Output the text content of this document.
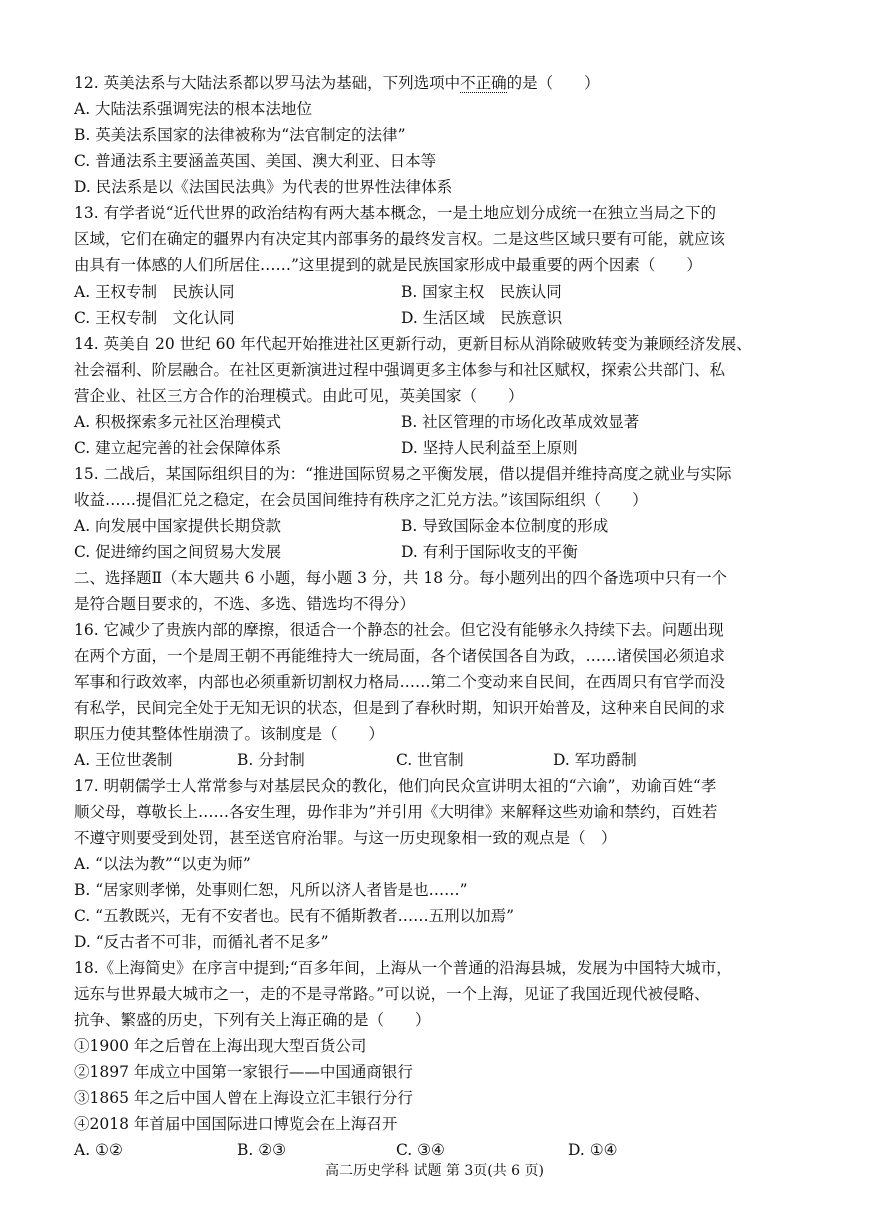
12. 英美法系与大陆法系都以罗马法为基础，下列选项中不正确的是（　　）
A. 大陆法系强调宪法的根本法地位
B. 英美法系国家的法律被称为“法官制定的法律”
C. 普通法系主要涵盖英国、美国、澳大利亚、日本等
D. 民法系是以《法国民法典》为代表的世界性法律体系
13. 有学者说“近代世界的政治结构有两大基本概念，一是土地应划分成统一在独立当局之下的
区域，它们在确定的疆界内有决定其内部事务的最终发言权。二是这些区域只要有可能，就应该
由具有一体感的人们所居住……”这里提到的就是民族国家形成中最重要的两个因素（　　）
A. 王权专制　民族认同	B. 国家主权　民族认同
C. 王权专制　文化认同	D. 生活区域　民族意识
14. 英美自 20 世纪 60 年代起开始推进社区更新行动，更新目标从消除破败转变为兼顾经济发展、
社会福利、阶层融合。在社区更新演进过程中强调更多主体参与和社区赋权，探索公共部门、私
营企业、社区三方合作的治理模式。由此可见，英美国家（　　）
A. 积极探索多元社区治理模式	B. 社区管理的市场化改革成效显著
C. 建立起完善的社会保障体系	D. 坚持人民利益至上原则
15. 二战后，某国际组织目的为：“推进国际贸易之平衡发展，借以提倡并维持高度之就业与实际
收益……提倡汇兑之稳定，在会员国间维持有秩序之汇兑方法。”该国际组织（　　）
A. 向发展中国家提供长期贷款	B. 导致国际金本位制度的形成
C. 促进缔约国之间贸易大发展	D. 有利于国际收支的平衡
二、选择题Ⅱ（本大题共 6 小题，每小题 3 分，共 18 分。每小题列出的四个备选项中只有一个
是符合题目要求的，不选、多选、错选均不得分）
16. 它减少了贵族内部的摩擦，很适合一个静态的社会。但它没有能够永久持续下去。问题出现
在两个方面，一个是周王朝不再能维持大一统局面，各个诸侯国各自为政，……诸侯国必须追求
军事和行政效率，内部也必须重新切割权力格局……第二个变动来自民间，在西周只有官学而没
有私学，民间完全处于无知无识的状态，但是到了春秋时期，知识开始普及，这种来自民间的求
职压力使其整体性崩溃了。该制度是（　　）
A. 王位世袭制	B. 分封制	C. 世官制	D. 军功爵制
17. 明朝儒学士人常常参与对基层民众的教化，他们向民众宣讲明太祖的“六谕”，劝谕百姓“孝
顺父母，尊敬长上……各安生理，毋作非为”并引用《大明律》来解释这些劝谕和禁约，百姓若
不遵守则要受到处罚，甚至送官府治罪。与这一历史现象相一致的观点是（　）
A. “以法为教”“以吏为师”
B. “居家则孝悌，处事则仁恕，凡所以济人者皆是也……”
C. “五教既兴，无有不安者也。民有不循斯教者……五刑以加焉”
D. “反古者不可非，而循礼者不足多”
18.《上海简史》在序言中提到;“百多年间，上海从一个普通的沿海县城，发展为中国特大城市，
远东与世界最大城市之一，走的不是寻常路。”可以说，一个上海，见证了我国近现代被侵略、
抗争、繁盛的历史，下列有关上海正确的是（　　）
①1900 年之后曾在上海出现大型百货公司
②1897 年成立中国第一家银行——中国通商银行
③1865 年之后中国人曾在上海设立汇丰银行分行
④2018 年首届中国国际进口博览会在上海召开
A. ①②	B. ②③	C. ③④	D. ①④
高二历史学科 试题 第 3页(共 6 页)
